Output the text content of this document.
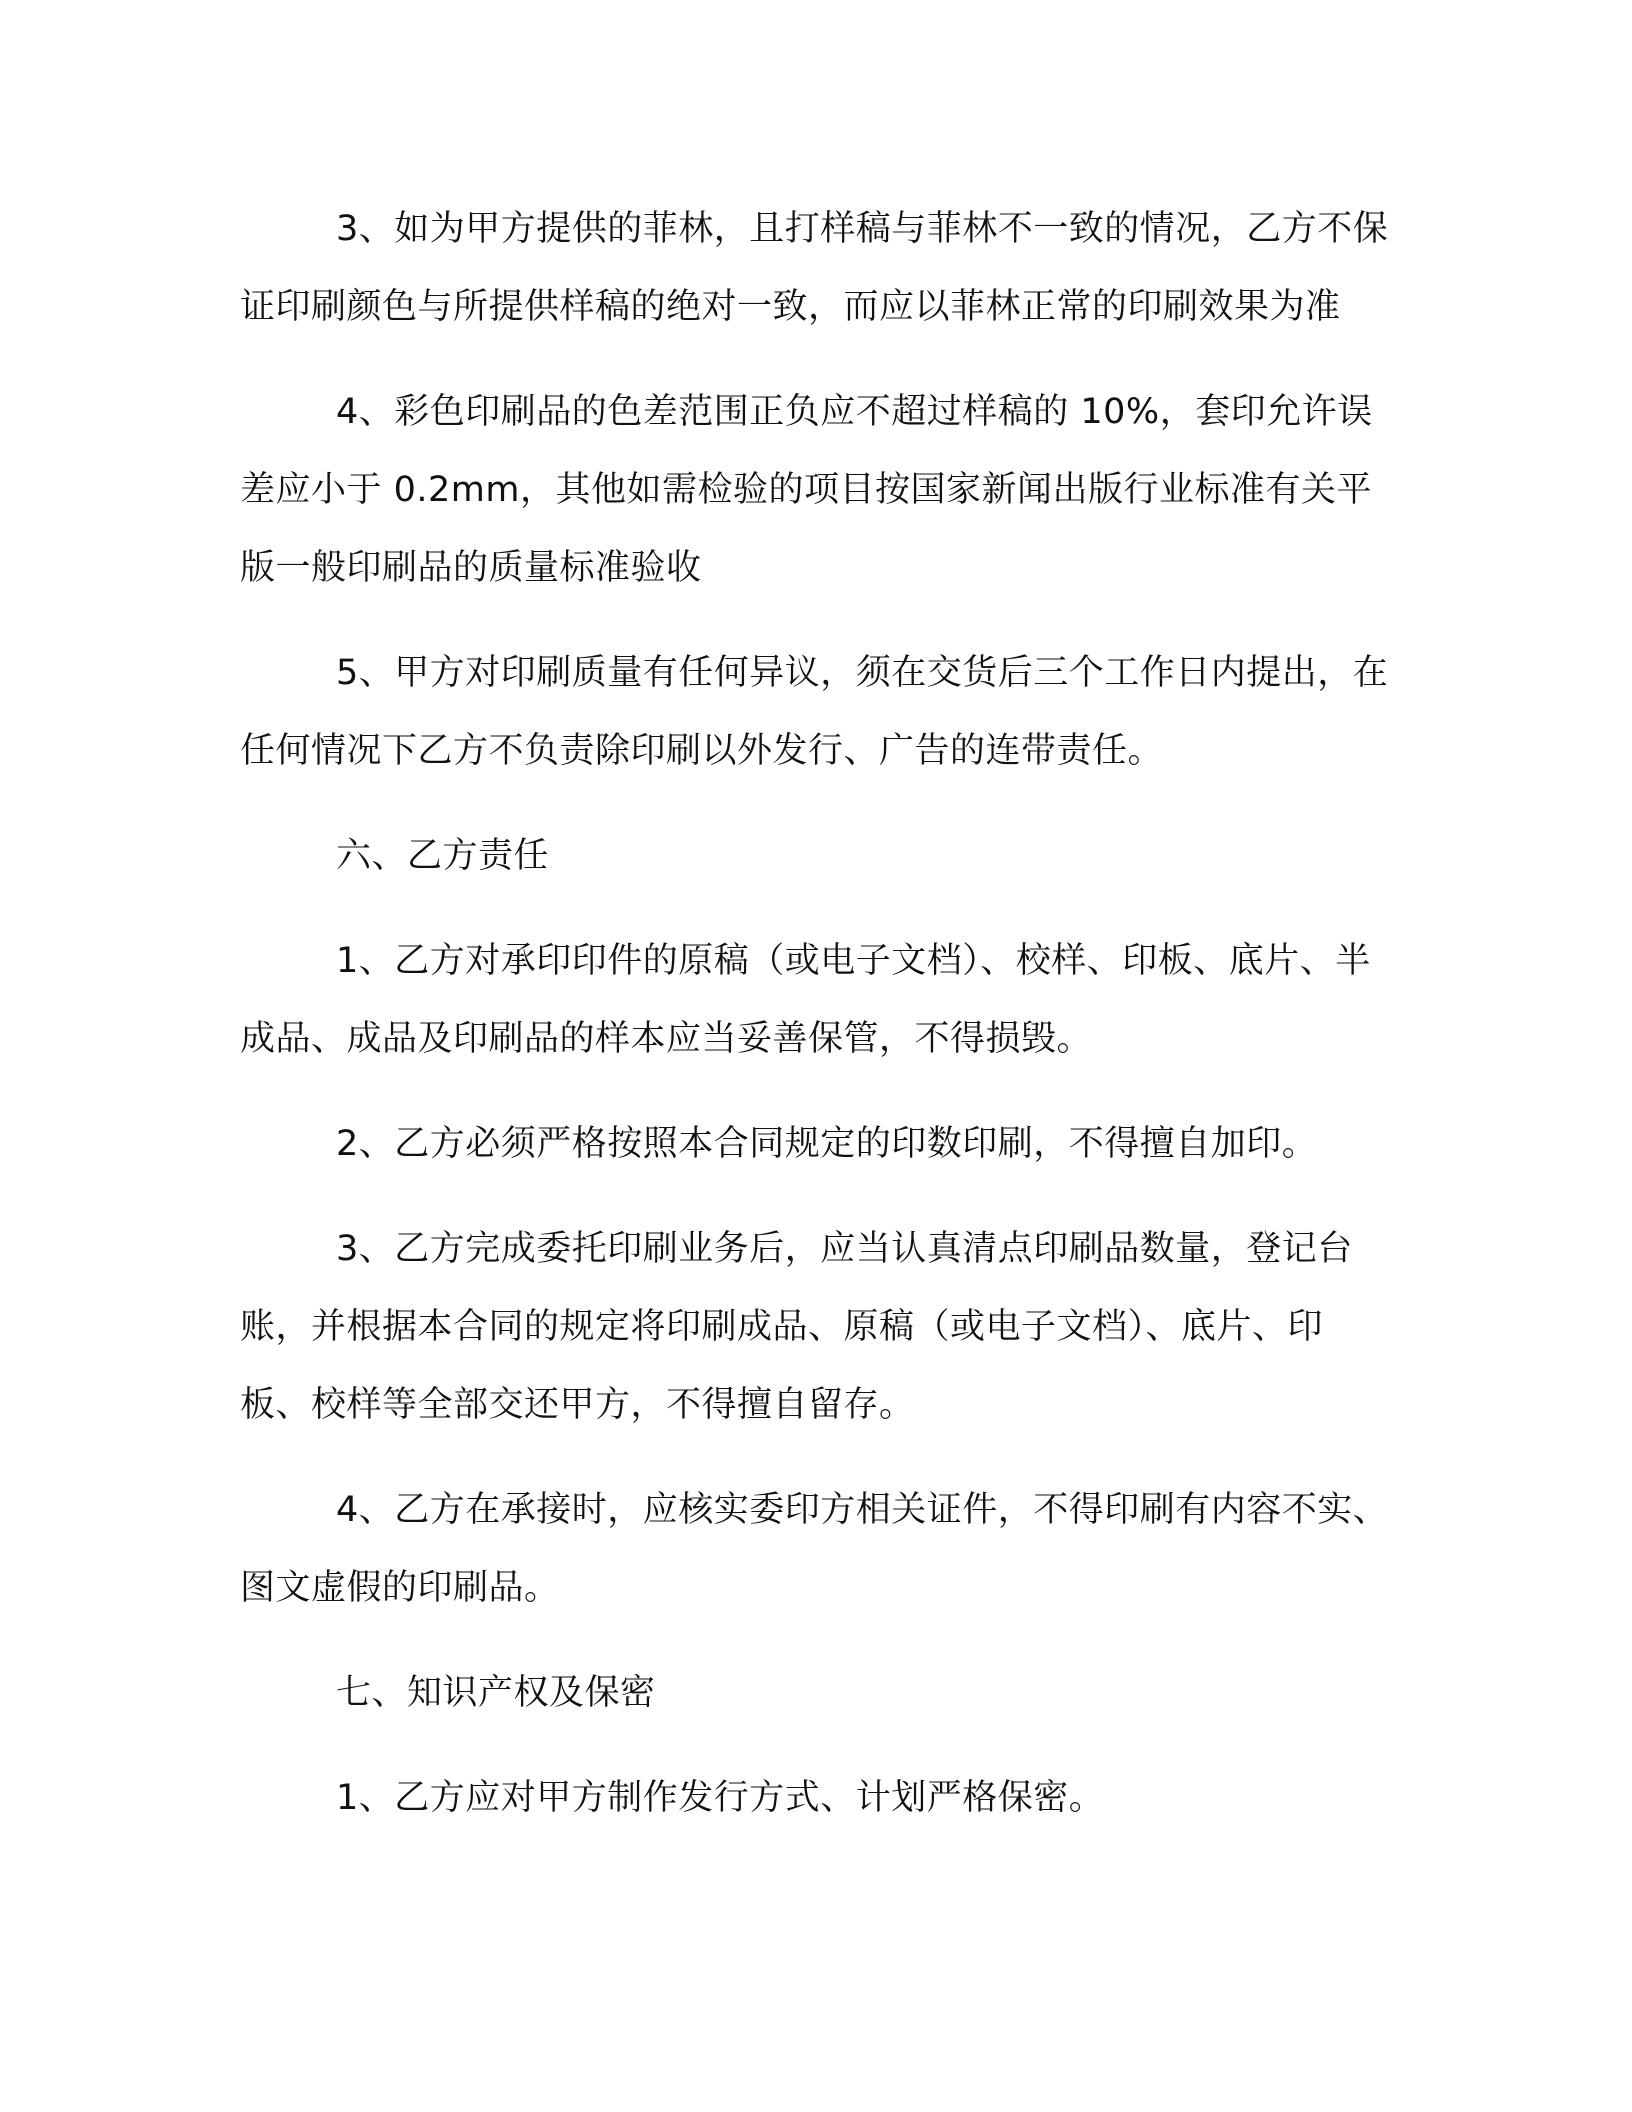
3、如为甲方提供的菲林，且打样稿与菲林不一致的情况，乙方不保证印刷颜色与所提供样稿的绝对一致，而应以菲林正常的印刷效果为准

4、彩色印刷品的色差范围正负应不超过样稿的 10%，套印允许误差应小于 0.2mm，其他如需检验的项目按国家新闻出版行业标准有关平版一般印刷品的质量标准验收

5、甲方对印刷质量有任何异议，须在交货后三个工作日内提出，在任何情况下乙方不负责除印刷以外发行、广告的连带责任。

六、乙方责任

1、乙方对承印印件的原稿（或电子文档）、校样、印板、底片、半成品、成品及印刷品的样本应当妥善保管，不得损毁。

2、乙方必须严格按照本合同规定的印数印刷，不得擅自加印。

3、乙方完成委托印刷业务后，应当认真清点印刷品数量，登记台账，并根据本合同的规定将印刷成品、原稿（或电子文档）、底片、印板、校样等全部交还甲方，不得擅自留存。

4、乙方在承接时，应核实委印方相关证件，不得印刷有内容不实、图文虚假的印刷品。

七、知识产权及保密

1、乙方应对甲方制作发行方式、计划严格保密。
